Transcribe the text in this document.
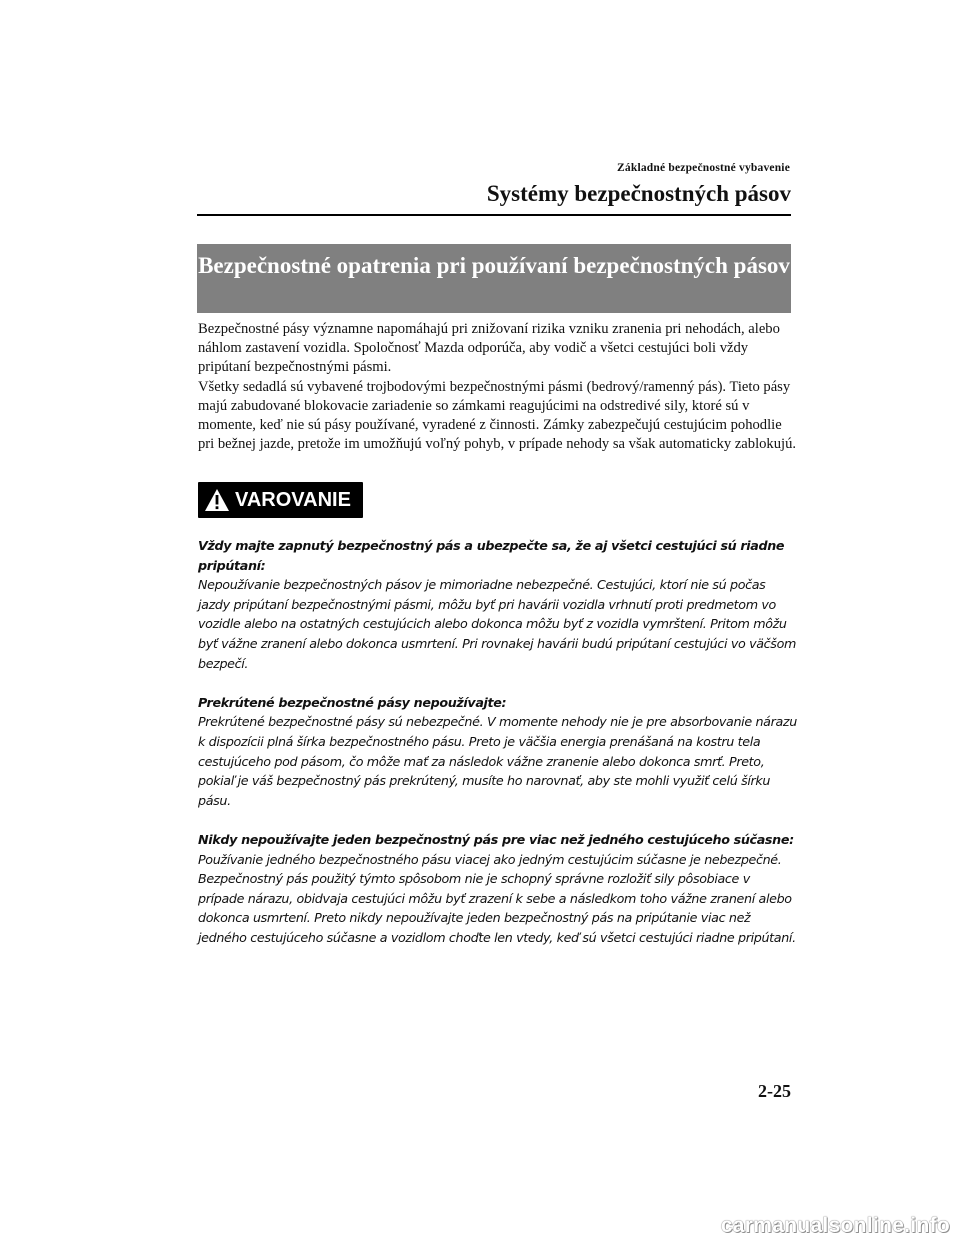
Základné bezpečnostné vybavenie
Systémy bezpečnostných pásov
Bezpečnostné opatrenia pri používaní bezpečnostných pásov

Bezpečnostné pásy významne napomáhajú pri znižovaní rizika vzniku zranenia pri nehodách, alebo náhlom zastavení vozidla. Spoločnosť Mazda odporúča, aby vodič a všetci cestujúci boli vždy pripútaní bezpečnostnými pásmi.

Všetky sedadlá sú vybavené trojbodovými bezpečnostnými pásmi (bedrový/ramenný pás). Tieto pásy majú zabudované blokovacie zariadenie so zámkami reagujúcimi na odstredivé sily, ktoré sú v momente, keď nie sú pásy používané, vyradené z činnosti. Zámky zabezpečujú cestujúcim pohodlie pri bežnej jazde, pretože im umožňujú voľný pohyb, v prípade nehody sa však automaticky zablokujú.

VAROVANIE
Vždy majte zapnutý bezpečnostný pás a ubezpečte sa, že aj všetci cestujúci sú riadne pripútaní:
Nepoužívanie bezpečnostných pásov je mimoriadne nebezpečné. Cestujúci, ktorí nie sú počas jazdy pripútaní bezpečnostnými pásmi, môžu byť pri havárii vozidla vrhnutí proti predmetom vo vozidle alebo na ostatných cestujúcich alebo dokonca môžu byť z vozidla vymrštení. Pritom môžu byť vážne zranení alebo dokonca usmrtení. Pri rovnakej havárii budú pripútaní cestujúci vo väčšom bezpečí.
Prekrútené bezpečnostné pásy nepoužívajte:
Prekrútené bezpečnostné pásy sú nebezpečné. V momente nehody nie je pre absorbovanie nárazu k dispozícii plná šírka bezpečnostného pásu. Preto je väčšia energia prenášaná na kostru tela cestujúceho pod pásom, čo môže mať za následok vážne zranenie alebo dokonca smrť. Preto, pokiaľ je váš bezpečnostný pás prekrútený, musíte ho narovnať, aby ste mohli využiť celú šírku pásu.
Nikdy nepoužívajte jeden bezpečnostný pás pre viac než jedného cestujúceho súčasne:
Používanie jedného bezpečnostného pásu viacej ako jedným cestujúcim súčasne je nebezpečné. Bezpečnostný pás použitý týmto spôsobom nie je schopný správne rozložiť sily pôsobiace v prípade nárazu, obidvaja cestujúci môžu byť zrazení k sebe a následkom toho vážne zranení alebo dokonca usmrtení. Preto nikdy nepoužívajte jeden bezpečnostný pás na pripútanie viac než jedného cestujúceho súčasne a vozidlom choďte len vtedy, keď sú všetci cestujúci riadne pripútaní.
2-25
carmanualsonline.info
